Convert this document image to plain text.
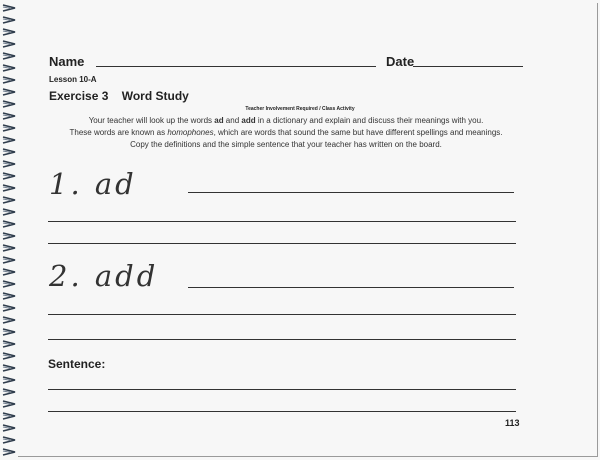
Name	Date
Lesson 10-A
Exercise 3    Word Study
Teacher Involvement Required / Class Activity
Your teacher will look up the words ad and add in a dictionary and explain and discuss their meanings with you.
These words are known as homophones, which are words that sound the same but have different spellings and meanings.
Copy the definitions and the simple sentence that your teacher has written on the board.
1. ad
2. add
Sentence:
113
